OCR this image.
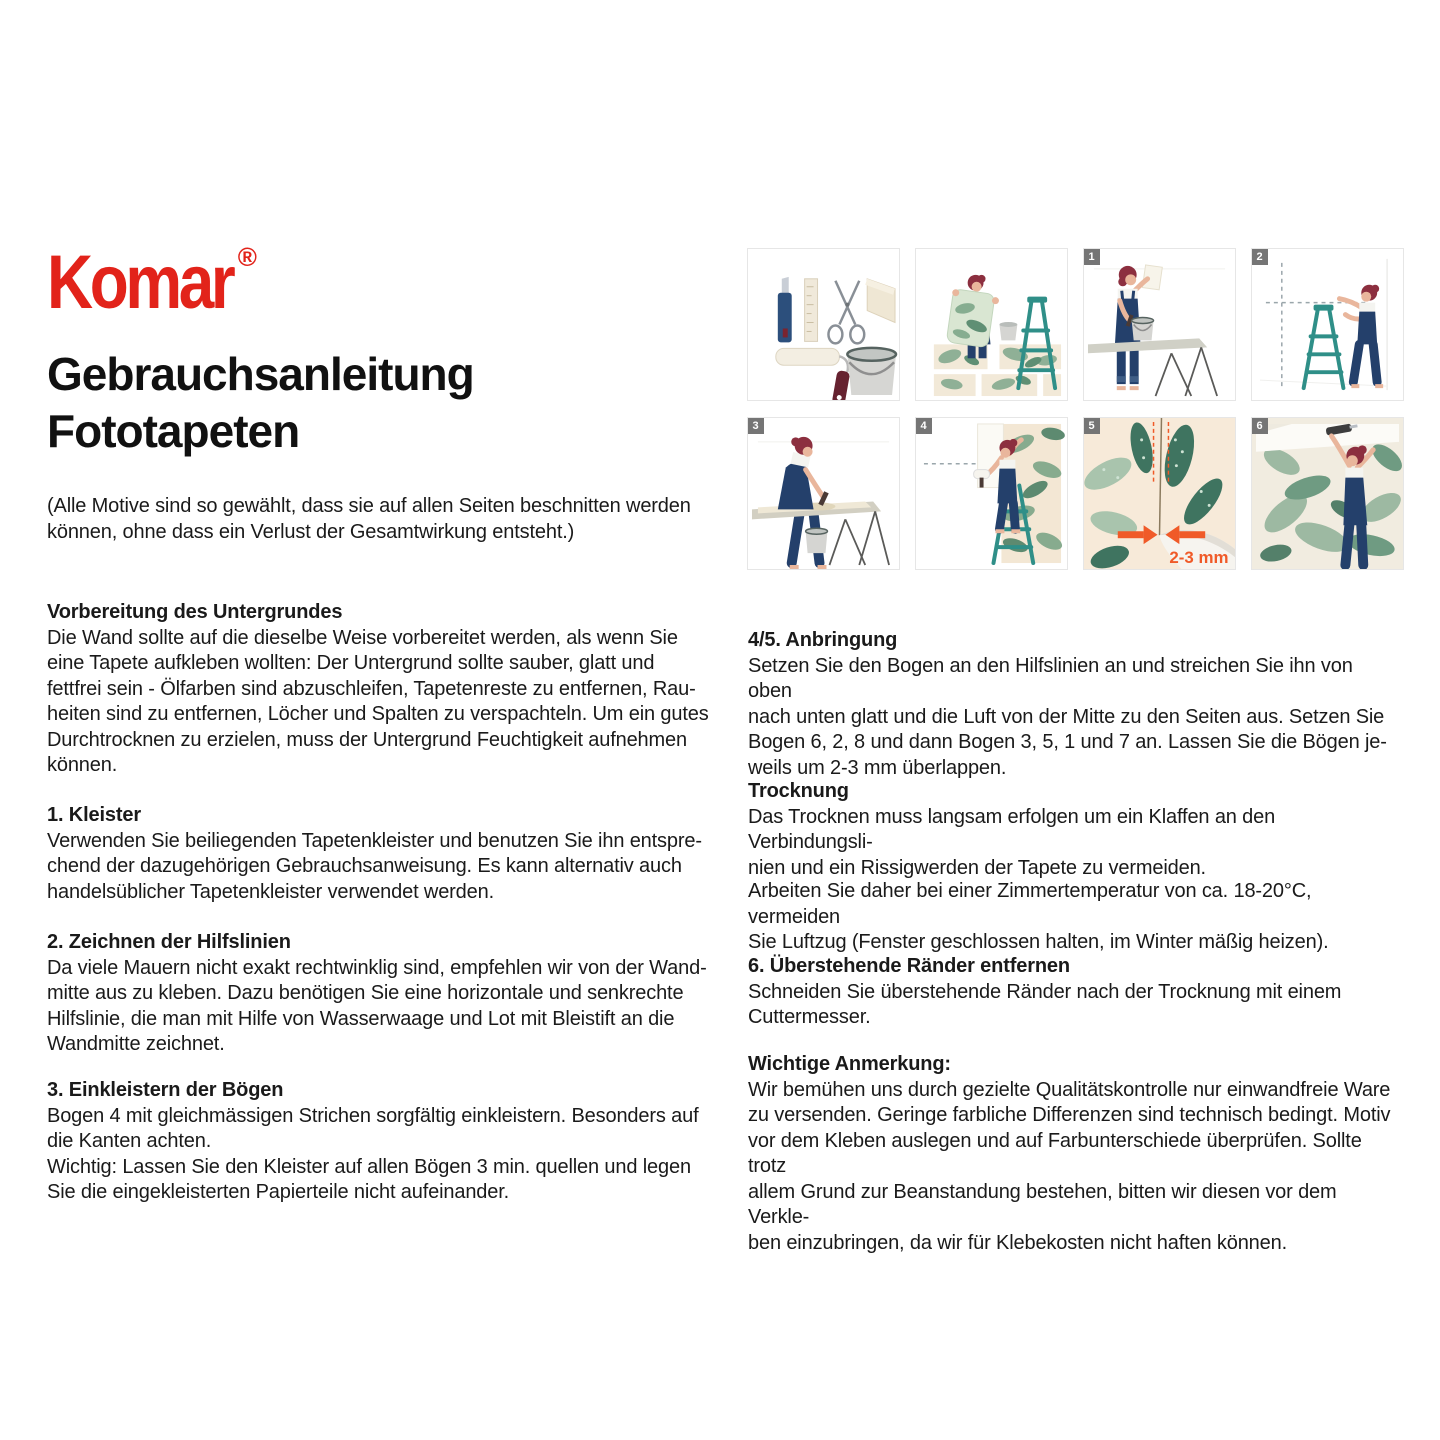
Komar ®
Gebrauchsanleitung
Fototapeten

(Alle Motive sind so gewählt, dass sie auf allen Seiten beschnitten werden
können, ohne dass ein Verlust der Gesamtwirkung entsteht.)

Vorbereitung des Untergrundes
Die Wand sollte auf die dieselbe Weise vorbereitet werden, als wenn Sie
eine Tapete aufkleben wollten: Der Untergrund sollte sauber, glatt und
fettfrei sein - Ölfarben sind abzuschleifen, Tapetenreste zu entfernen, Rau-
heiten sind zu entfernen, Löcher und Spalten zu verspachteln. Um ein gutes
Durchtrocknen zu erzielen, muss der Untergrund Feuchtigkeit aufnehmen
können.
1. Kleister
Verwenden Sie beiliegenden Tapetenkleister und benutzen Sie ihn entspre-
chend der dazugehörigen Gebrauchsanweisung. Es kann alternativ auch
handelsüblicher Tapetenkleister verwendet werden.
2. Zeichnen der Hilfslinien
Da viele Mauern nicht exakt rechtwinklig sind, empfehlen wir von der Wand-
mitte aus zu kleben. Dazu benötigen Sie eine horizontale und senkrechte
Hilfslinie, die man mit Hilfe von Wasserwaage und Lot mit Bleistift an die
Wandmitte zeichnet.
3. Einkleistern der Bögen
Bogen 4 mit gleichmässigen Strichen sorgfältig einkleistern. Besonders auf
die Kanten achten.
Wichtig: Lassen Sie den Kleister auf allen Bögen 3 min. quellen und legen
Sie die eingekleisterten Papierteile nicht aufeinander.
4/5. Anbringung
Setzen Sie den Bogen an den Hilfslinien an und streichen Sie ihn von oben
nach unten glatt und die Luft von der Mitte zu den Seiten aus. Setzen Sie
Bogen 6, 2, 8 und dann Bogen 3, 5, 1 und 7 an. Lassen Sie die Bögen je-
weils um 2-3 mm überlappen.
Trocknung
Das Trocknen muss langsam erfolgen um ein Klaffen an den Verbindungsli-
nien und ein Rissigwerden der Tapete zu vermeiden.
Arbeiten Sie daher bei einer Zimmertemperatur von ca. 18-20°C, vermeiden
Sie Luftzug (Fenster geschlossen halten, im Winter mäßig heizen).
6. Überstehende Ränder entfernen
Schneiden Sie überstehende Ränder nach der Trocknung mit einem
Cuttermesser.
Wichtige Anmerkung:
Wir bemühen uns durch gezielte Qualitätskontrolle nur einwandfreie Ware
zu versenden. Geringe farbliche Differenzen sind technisch bedingt. Motiv
vor dem Kleben auslegen und auf Farbunterschiede überprüfen. Sollte trotz
allem Grund zur Beanstandung bestehen, bitten wir diesen vor dem Verkle-
ben einzubringen, da wir für Klebekosten nicht haften können.
1	2
3	4	5
2-3 mm
6
